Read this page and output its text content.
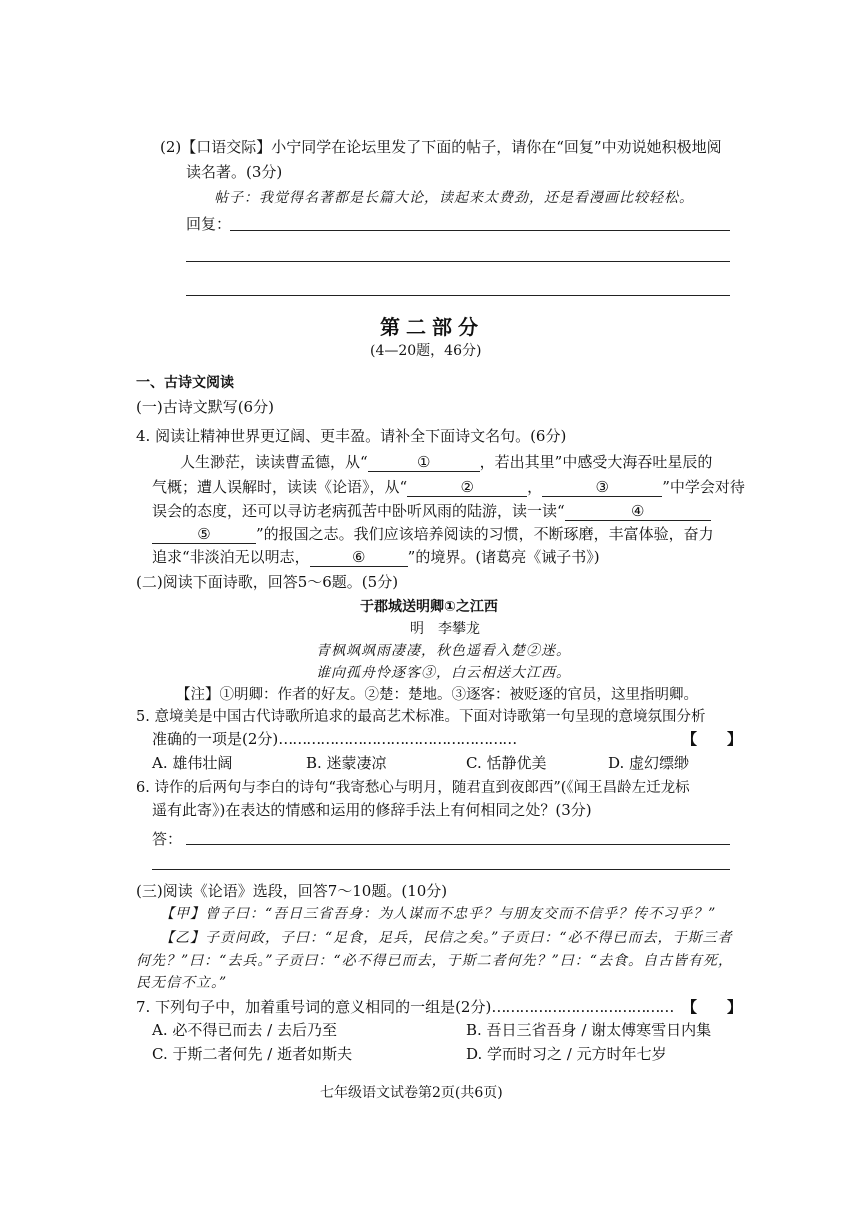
(2)【口语交际】小宁同学在论坛里发了下面的帖子，请你在“回复”中劝说她积极地阅
读名著。(3分)
帖子：我觉得名著都是长篇大论，读起来太费劲，还是看漫画比较轻松。
回复：
第二部分
(4—20题，46分)
一、古诗文阅读
(一)古诗文默写(6分)
4. 阅读让精神世界更辽阔、更丰盈。请补全下面诗文名句。(6分)
人生渺茫，读读曹孟德，从“	①	，若出其里”中感受大海吞吐星辰的
气概；遭人误解时，读读《论语》，从“	②	，	③	”中学会对待
误会的态度，还可以寻访老病孤苦中卧听风雨的陆游，读一读“	④
⑤	”的报国之志。我们应该培养阅读的习惯，不断琢磨，丰富体验，奋力
追求“非淡泊无以明志，	⑥	”的境界。(诸葛亮《诫子书》)
(二)阅读下面诗歌，回答5～6题。(5分)
于郡城送明卿①之江西
明　李攀龙
青枫飒飒雨凄凄，秋色遥看入楚②迷。
谁向孤舟怜逐客③，白云相送大江西。
【注】①明卿：作者的好友。②楚：楚地。③逐客：被贬逐的官员，这里指明卿。
5. 意境美是中国古代诗歌所追求的最高艺术标准。下面对诗歌第一句呈现的意境氛围分析
准确的一项是(2分)……………………………………………	【　　】
A. 雄伟壮阔	B. 迷蒙凄凉	C. 恬静优美	D. 虚幻缥缈
6. 诗作的后两句与李白的诗句“我寄愁心与明月，随君直到夜郎西”(《闻王昌龄左迁龙标
遥有此寄》)在表达的情感和运用的修辞手法上有何相同之处？(3分)
答：
(三)阅读《论语》选段，回答7～10题。(10分)
【甲】曾子曰：“吾日三省吾身：为人谋而不忠乎？与朋友交而不信乎？传不习乎？”
【乙】子贡问政，子曰：“足食，足兵，民信之矣。”子贡曰：“必不得已而去，于斯三者
何先？”曰：“去兵。”子贡曰：“必不得已而去，于斯二者何先？”曰：“去食。自古皆有死，
民无信不立。”
7. 下列句子中，加着重号词的意义相同的一组是(2分)………………………………… 【　　】
A. 必不得已而去 / 去后乃至	B. 吾日三省吾身 / 谢太傅寒雪日内集
C. 于斯二者何先 / 逝者如斯夫	D. 学而时习之 / 元方时年七岁
七年级语文试卷第2页(共6页)
